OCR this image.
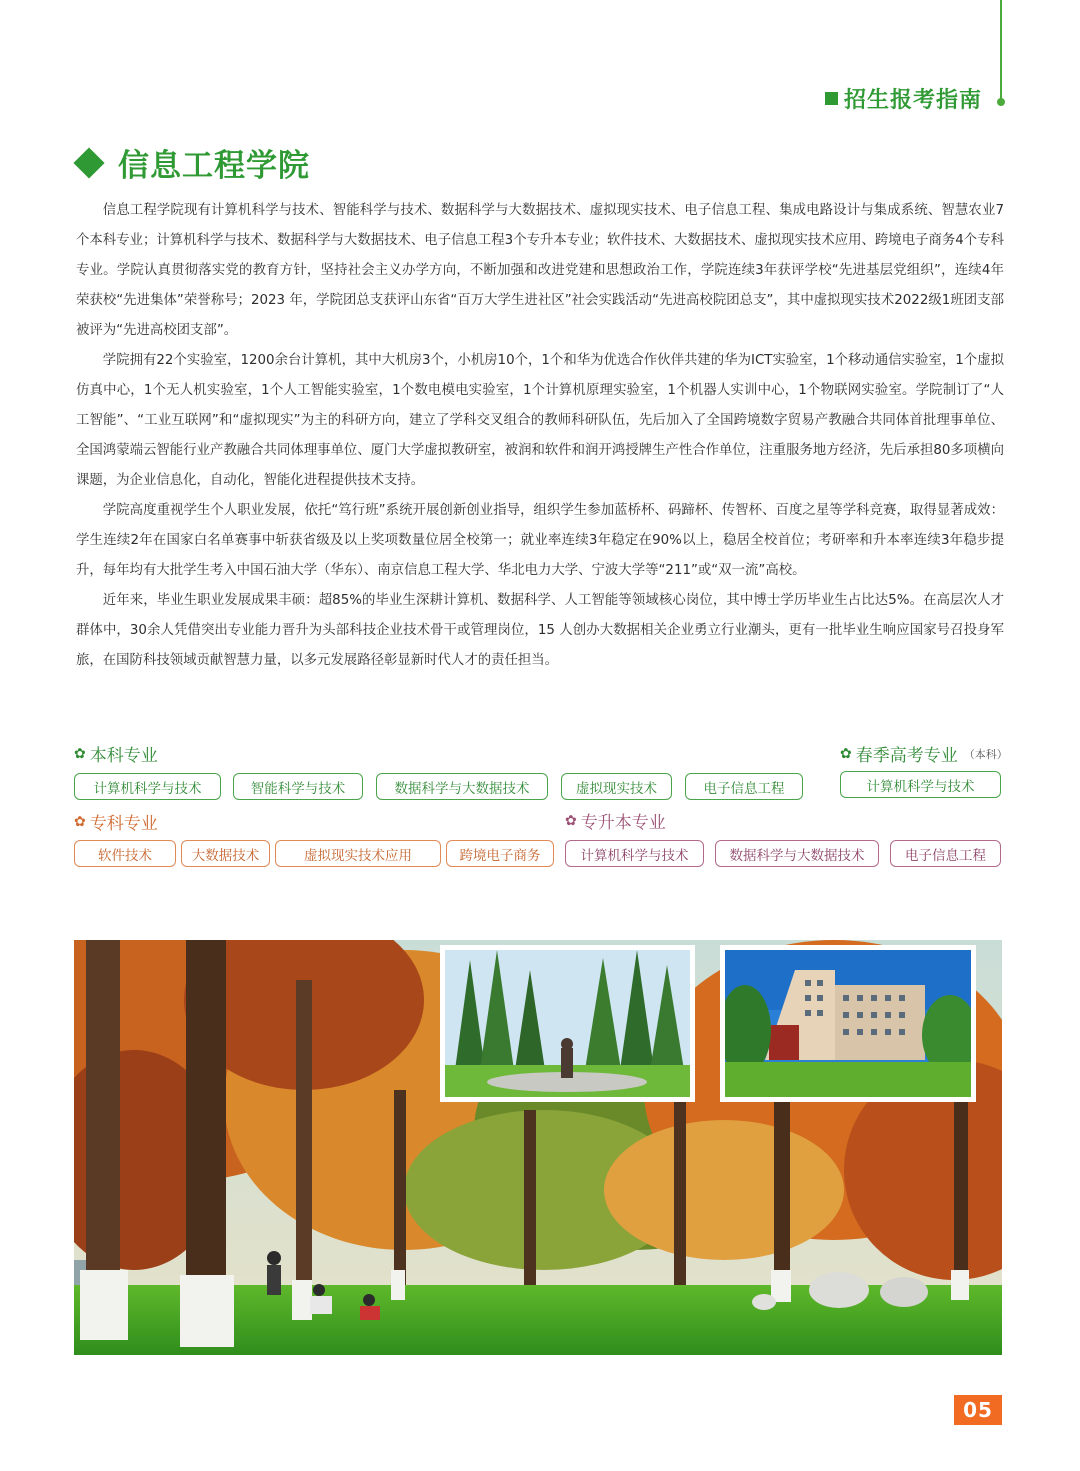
招生报考指南
信息工程学院

信息工程学院现有计算机科学与技术、智能科学与技术、数据科学与大数据技术、虚拟现实技术、电子信息工程、集成电路设计与集成系统、智慧农业7个本科专业；计算机科学与技术、数据科学与大数据技术、电子信息工程3个专升本专业；软件技术、大数据技术、虚拟现实技术应用、跨境电子商务4个专科专业。学院认真贯彻落实党的教育方针，坚持社会主义办学方向，不断加强和改进党建和思想政治工作，学院连续3年获评学校“先进基层党组织”，连续4年荣获校“先进集体”荣誉称号；2023 年，学院团总支获评山东省“百万大学生进社区”社会实践活动“先进高校院团总支”，其中虚拟现实技术2022级1班团支部被评为“先进高校团支部”。

学院拥有22个实验室，1200余台计算机，其中大机房3个，小机房10个，1个和华为优选合作伙伴共建的华为ICT实验室，1个移动通信实验室，1个虚拟仿真中心，1个无人机实验室，1个人工智能实验室，1个数电模电实验室，1个计算机原理实验室，1个机器人实训中心，1个物联网实验室。学院制订了“人工智能”、“工业互联网”和“虚拟现实”为主的科研方向，建立了学科交叉组合的教师科研队伍，先后加入了全国跨境数字贸易产教融合共同体首批理事单位、全国鸿蒙端云智能行业产教融合共同体理事单位、厦门大学虚拟教研室，被润和软件和润开鸿授牌生产性合作单位，注重服务地方经济，先后承担80多项横向课题，为企业信息化，自动化，智能化进程提供技术支持。

学院高度重视学生个人职业发展，依托“笃行班”系统开展创新创业指导，组织学生参加蓝桥杯、码蹄杯、传智杯、百度之星等学科竞赛，取得显著成效：学生连续2年在国家白名单赛事中斩获省级及以上奖项数量位居全校第一；就业率连续3年稳定在90%以上，稳居全校首位；考研率和升本率连续3年稳步提升，每年均有大批学生考入中国石油大学（华东）、南京信息工程大学、华北电力大学、宁波大学等“211”或“双一流”高校。

近年来，毕业生职业发展成果丰硕：超85%的毕业生深耕计算机、数据科学、人工智能等领域核心岗位，其中博士学历毕业生占比达5%。在高层次人才群体中，30余人凭借突出专业能力晋升为头部科技企业技术骨干或管理岗位，15 人创办大数据相关企业勇立行业潮头，更有一批毕业生响应国家号召投身军旅，在国防科技领域贡献智慧力量，以多元发展路径彰显新时代人才的责任担当。

✿ 本科专业
计算机科学与技术	智能科学与技术	数据科学与大数据技术	虚拟现实技术	电子信息工程
✿ 春季高考专业 （本科）
计算机科学与技术
✿ 专科专业
软件技术	大数据技术	虚拟现实技术应用	跨境电子商务
✿ 专升本专业
计算机科学与技术	数据科学与大数据技术	电子信息工程
05
